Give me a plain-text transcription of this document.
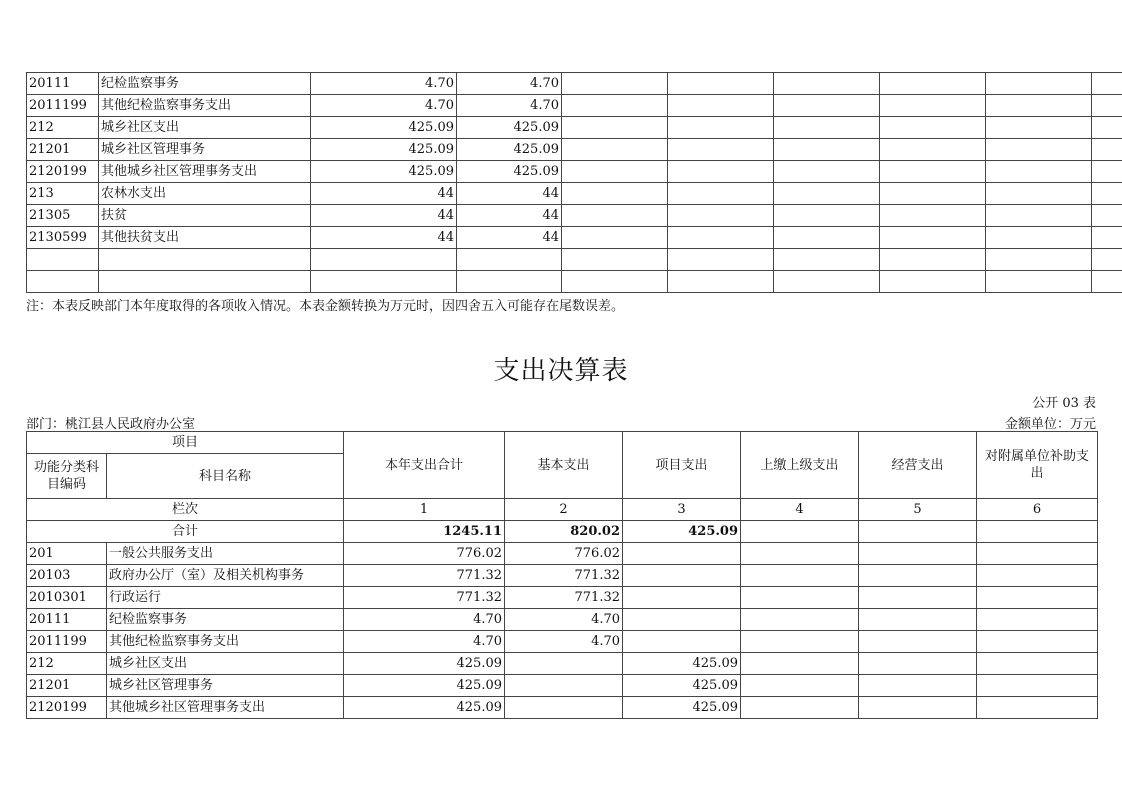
20111	纪检监察事务	4.70	4.70						
2011199	其他纪检监察事务支出	4.70	4.70						
212	城乡社区支出	425.09	425.09						
21201	城乡社区管理事务	425.09	425.09						
2120199	其他城乡社区管理事务支出	425.09	425.09						
213	农林水支出	44	44						
21305	扶贫	44	44						
2130599	其他扶贫支出	44	44						

注：本表反映部门本年度取得的各项收入情况。本表金额转换为万元时，因四舍五入可能存在尾数误差。
支出决算表
公开 03 表
部门：桃江县人民政府办公室	金额单位：万元
项目		本年支出合计	基本支出	项目支出	上缴上级支出	经营支出	对附属单位补助支出
功能分类科目编码	科目名称						
栏次		1	2	3	4	5	6
合计		1245.11	820.02	425.09			
201	一般公共服务支出	776.02	776.02				
20103	政府办公厅（室）及相关机构事务	771.32	771.32				
2010301	行政运行	771.32	771.32				
20111	纪检监察事务	4.70	4.70				
2011199	其他纪检监察事务支出	4.70	4.70				
212	城乡社区支出	425.09		425.09			
21201	城乡社区管理事务	425.09		425.09			
2120199	其他城乡社区管理事务支出	425.09		425.09			
